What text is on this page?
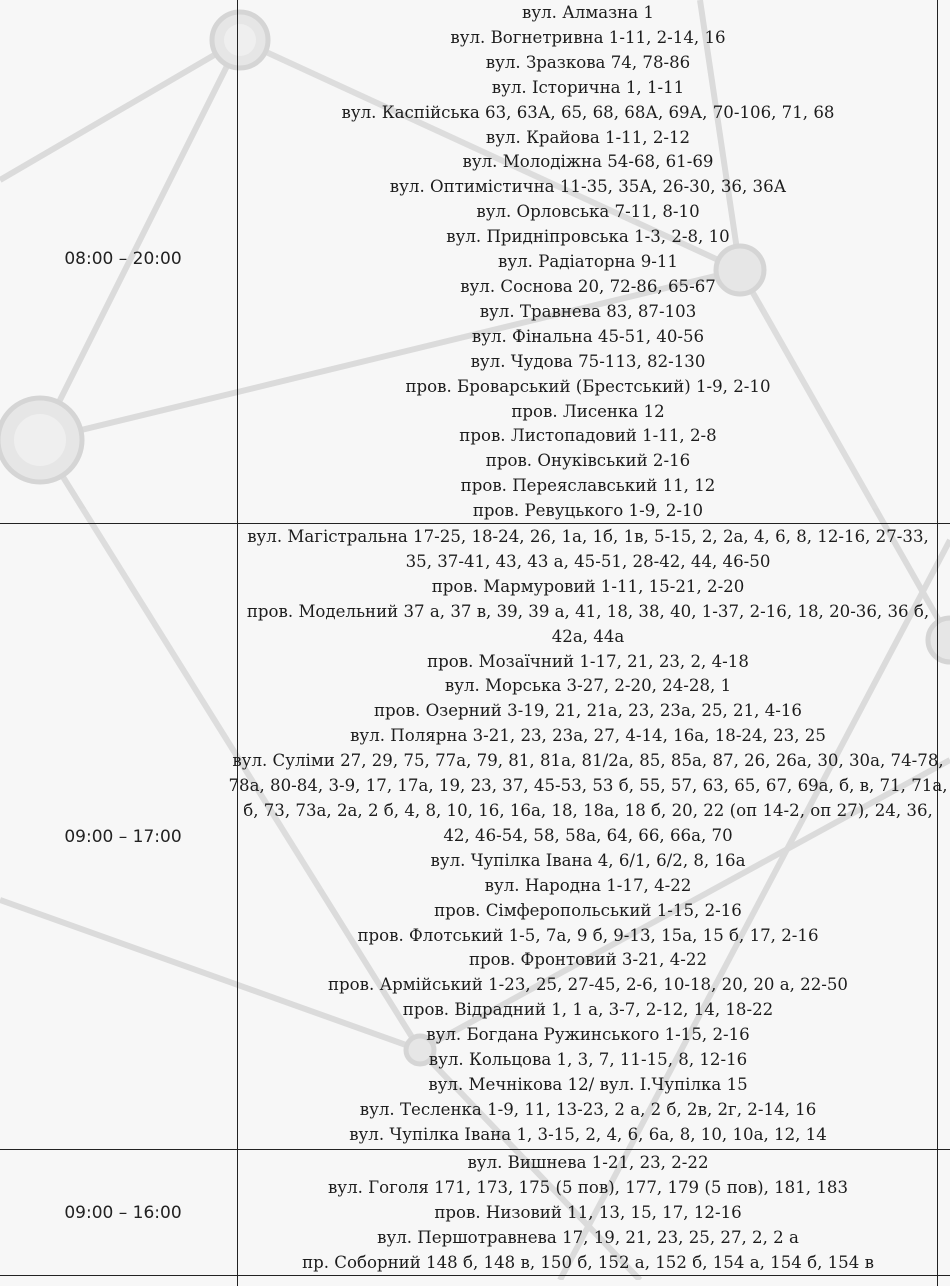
08:00 – 20:00
вул. Алмазна 1
вул. Вогнетривна 1-11, 2-14, 16
вул. Зразкова 74, 78-86
вул. Історична 1, 1-11
вул. Каспійська 63, 63А, 65, 68, 68А, 69А, 70-106, 71, 68
вул. Крайова 1-11, 2-12
вул. Молодіжна 54-68, 61-69
вул. Оптимістична 11-35, 35А, 26-30, 36, 36А
вул. Орловська 7-11, 8-10
вул. Придніпровська 1-3, 2-8, 10
вул. Радіаторна 9-11
вул. Соснова 20, 72-86, 65-67
вул. Травнева 83, 87-103
вул. Фінальна 45-51, 40-56
вул. Чудова 75-113, 82-130
пров. Броварський (Брестський) 1-9, 2-10
пров. Лисенка 12
пров. Листопадовий 1-11, 2-8
пров. Онуківський 2-16
пров. Переяславський 11, 12
пров. Ревуцького 1-9, 2-10
09:00 – 17:00
вул. Магістральна 17-25, 18-24, 26, 1а, 1б, 1в, 5-15, 2, 2а, 4, 6, 8, 12-16, 27-33,
35, 37-41, 43, 43 а, 45-51, 28-42, 44, 46-50
пров. Мармуровий 1-11, 15-21, 2-20
пров. Модельний 37 а, 37 в, 39, 39 а, 41, 18, 38, 40, 1-37, 2-16, 18, 20-36, 36 б,
42а, 44а
пров. Мозаїчний 1-17, 21, 23, 2, 4-18
вул. Морська 3-27, 2-20, 24-28, 1
пров. Озерний 3-19, 21, 21а, 23, 23а, 25, 21, 4-16
вул. Полярна 3-21, 23, 23а, 27, 4-14, 16а, 18-24, 23, 25
вул. Суліми 27, 29, 75, 77а, 79, 81, 81а, 81/2а, 85, 85а, 87, 26, 26а, 30, 30а, 74-78,
78а, 80-84, 3-9, 17, 17а, 19, 23, 37, 45-53, 53 б, 55, 57, 63, 65, 67, 69а, б, в, 71, 71а,
б, 73, 73а, 2а, 2 б, 4, 8, 10, 16, 16а, 18, 18а, 18 б, 20, 22 (оп 14-2, оп 27), 24, 36,
42, 46-54, 58, 58а, 64, 66, 66а, 70
вул. Чупілка Івана 4, 6/1, 6/2, 8, 16а
вул. Народна 1-17, 4-22
пров. Сімферопольський 1-15, 2-16
пров. Флотський 1-5, 7а, 9 б, 9-13, 15а, 15 б, 17, 2-16
пров. Фронтовий 3-21, 4-22
пров. Армійський 1-23, 25, 27-45, 2-6, 10-18, 20, 20 а, 22-50
пров. Відрадний 1, 1 а, 3-7, 2-12, 14, 18-22
вул. Богдана Ружинського 1-15, 2-16
вул. Кольцова 1, 3, 7, 11-15, 8, 12-16
вул. Мечнікова 12/ вул. І.Чупілка 15
вул. Тесленка 1-9, 11, 13-23, 2 а, 2 б, 2в, 2г, 2-14, 16
вул. Чупілка Івана 1, 3-15, 2, 4, 6, 6а, 8, 10, 10а, 12, 14
09:00 – 16:00
вул. Вишнева 1-21, 23, 2-22
вул. Гоголя 171, 173, 175 (5 пов), 177, 179 (5 пов), 181, 183
пров. Низовий 11, 13, 15, 17, 12-16
вул. Першотравнева 17, 19, 21, 23, 25, 27, 2, 2 а
пр. Соборний 148 б, 148 в, 150 б, 152 а, 152 б, 154 а, 154 б, 154 в
